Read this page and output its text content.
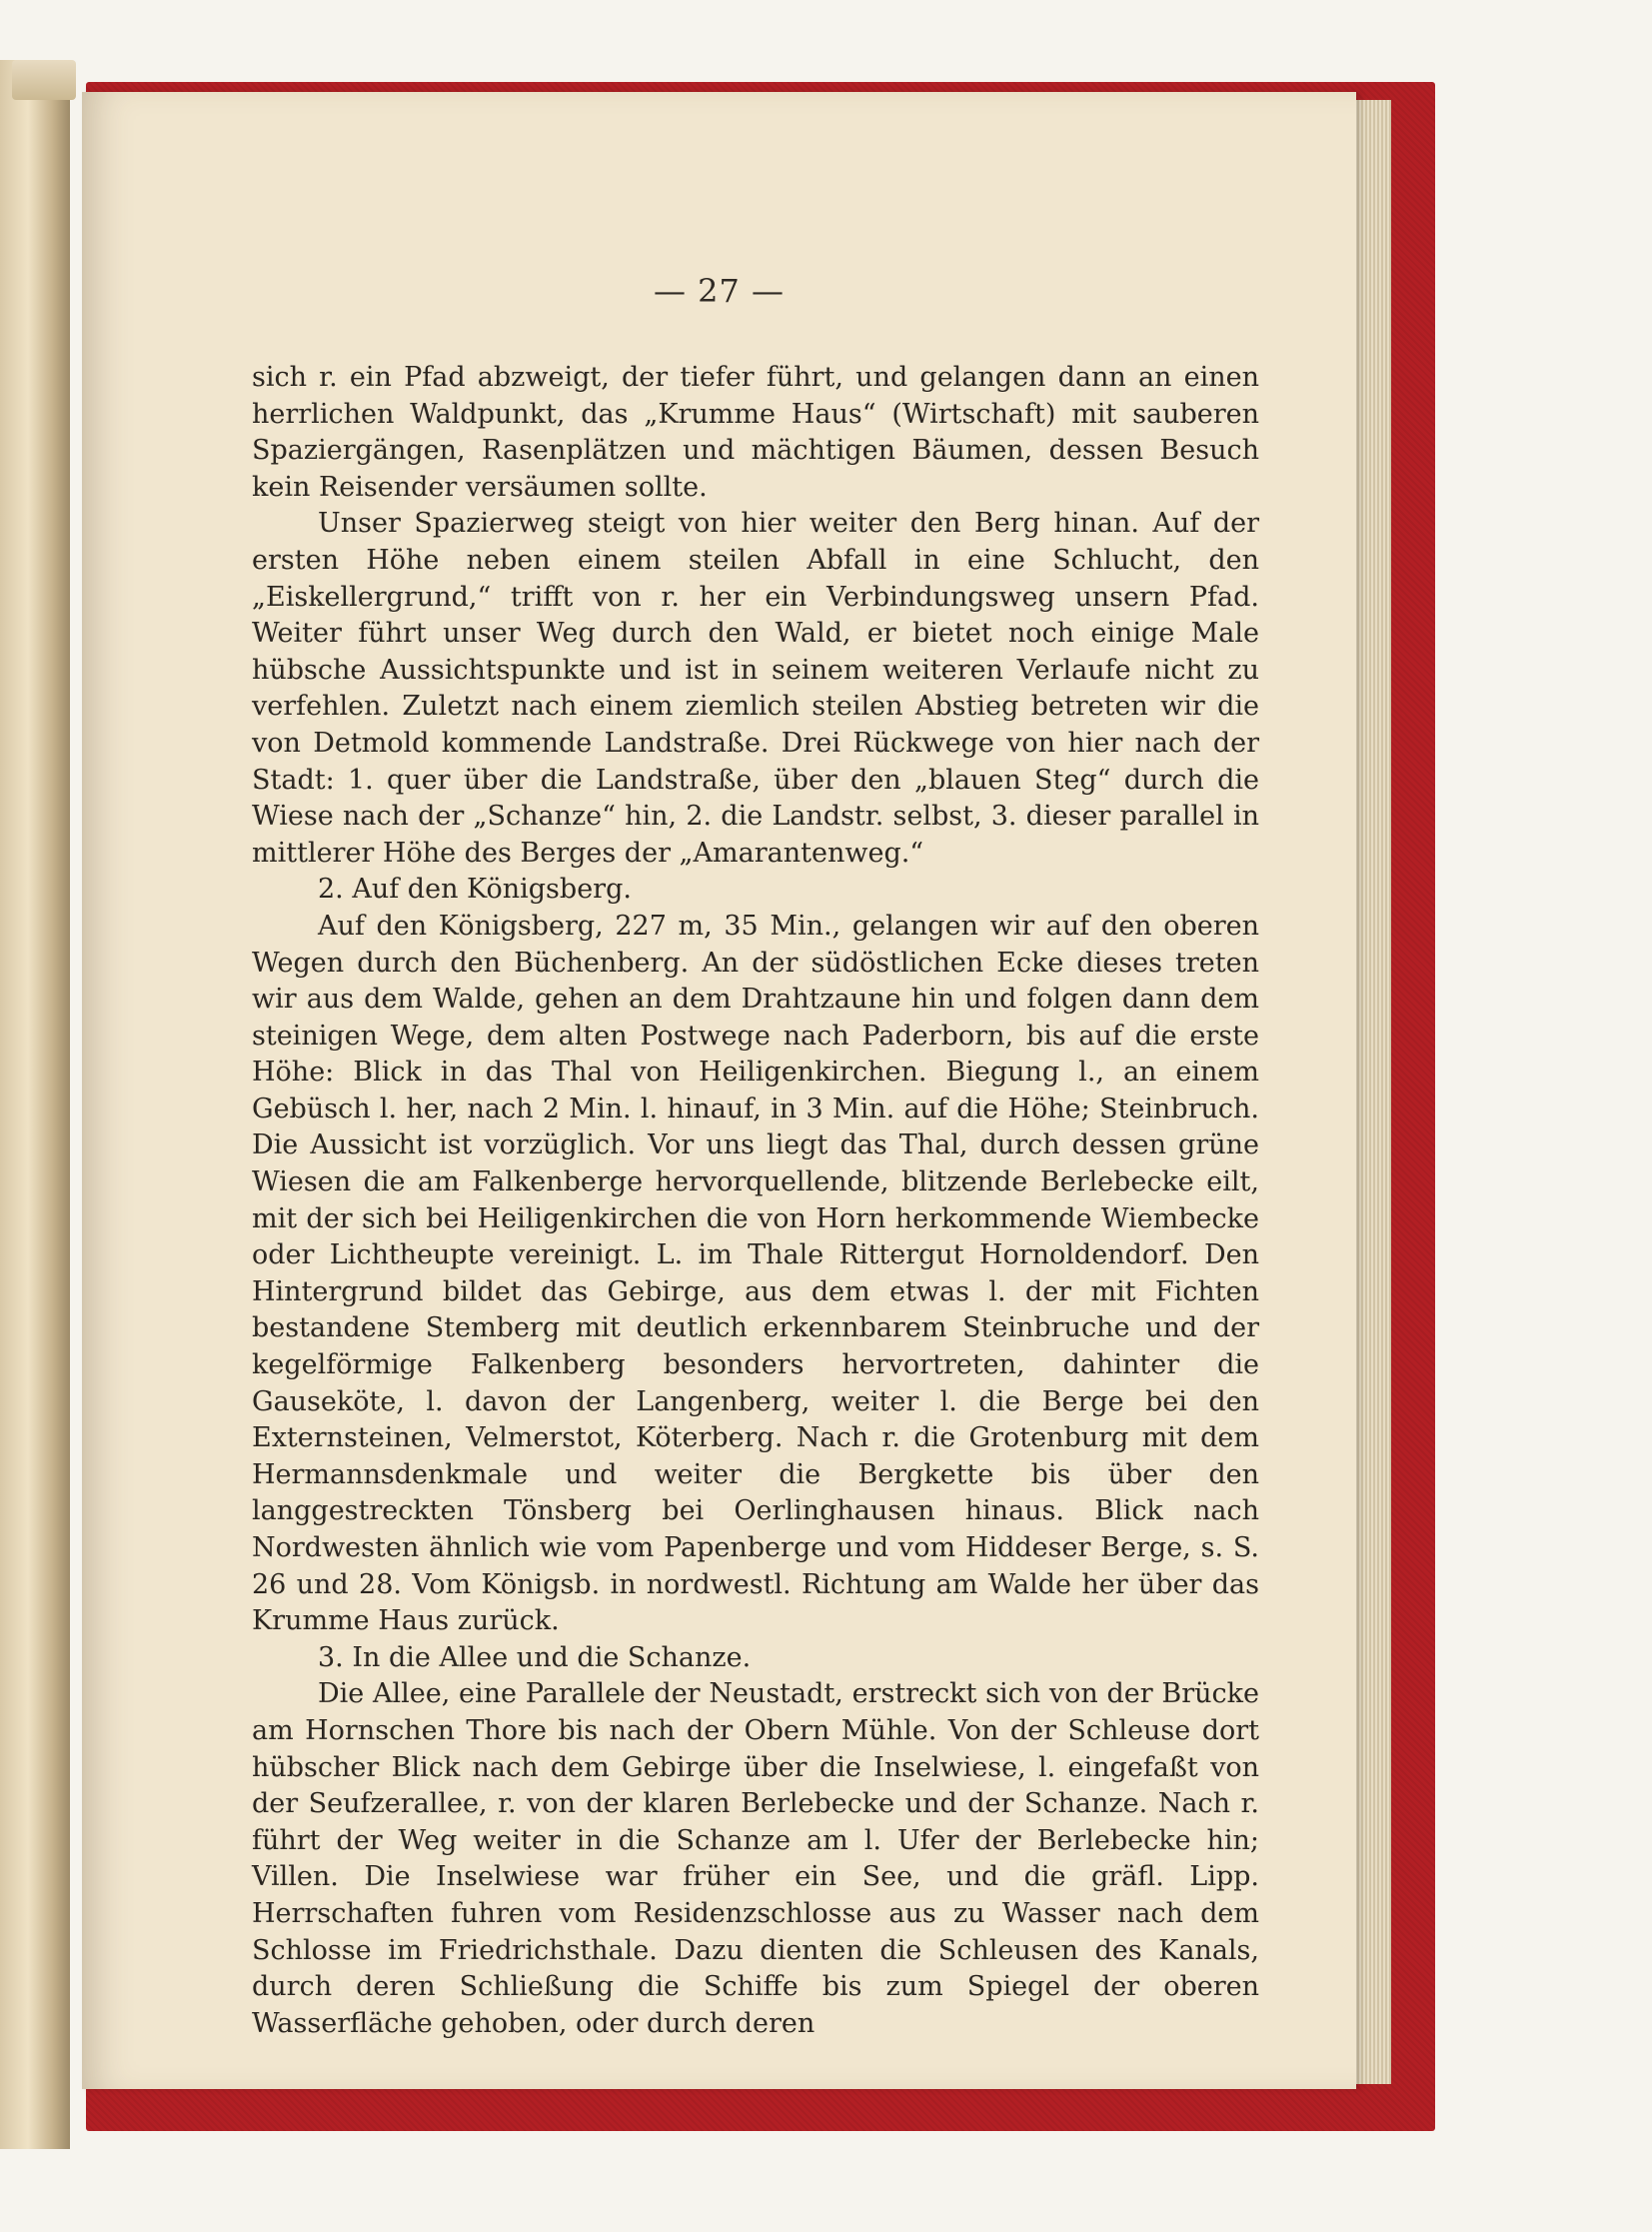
— 27 —

sich r. ein Pfad abzweigt, der tiefer führt, und gelangen dann an einen herrlichen Waldpunkt, das „Krumme Haus“ (Wirtschaft) mit sauberen Spaziergängen, Rasenplätzen und mächtigen Bäumen, dessen Besuch kein Reisender versäumen sollte.

Unser Spazierweg steigt von hier weiter den Berg hinan. Auf der ersten Höhe neben einem steilen Abfall in eine Schlucht, den „Eiskellergrund,“ trifft von r. her ein Verbindungsweg unsern Pfad. Weiter führt unser Weg durch den Wald, er bietet noch einige Male hübsche Aussichtspunkte und ist in seinem weiteren Verlaufe nicht zu verfehlen. Zuletzt nach einem ziemlich steilen Abstieg betreten wir die von Detmold kommende Landstraße. Drei Rückwege von hier nach der Stadt: 1. quer über die Landstraße, über den „blauen Steg“ durch die Wiese nach der „Schanze“ hin, 2. die Landstr. selbst, 3. dieser parallel in mittlerer Höhe des Berges der „Amarantenweg.“

2. Auf den Königsberg.

Auf den Königsberg, 227 m, 35 Min., gelangen wir auf den oberen Wegen durch den Büchenberg. An der südöstlichen Ecke dieses treten wir aus dem Walde, gehen an dem Drahtzaune hin und folgen dann dem steinigen Wege, dem alten Postwege nach Paderborn, bis auf die erste Höhe: Blick in das Thal von Heiligenkirchen. Biegung l., an einem Gebüsch l. her, nach 2 Min. l. hinauf, in 3 Min. auf die Höhe; Steinbruch. Die Aussicht ist vorzüglich. Vor uns liegt das Thal, durch dessen grüne Wiesen die am Falkenberge hervorquellende, blitzende Berlebecke eilt, mit der sich bei Heiligenkirchen die von Horn herkommende Wiembecke oder Lichtheupte vereinigt. L. im Thale Rittergut Hornoldendorf. Den Hintergrund bildet das Gebirge, aus dem etwas l. der mit Fichten bestandene Stemberg mit deutlich erkennbarem Steinbruche und der kegelförmige Falkenberg besonders hervortreten, dahinter die Gauseköte, l. davon der Langenberg, weiter l. die Berge bei den Externsteinen, Velmerstot, Köterberg. Nach r. die Grotenburg mit dem Hermannsdenkmale und weiter die Bergkette bis über den langgestreckten Tönsberg bei Oerlinghausen hinaus. Blick nach Nordwesten ähnlich wie vom Papenberge und vom Hiddeser Berge, s. S. 26 und 28. Vom Königsb. in nordwestl. Richtung am Walde her über das Krumme Haus zurück.

3. In die Allee und die Schanze.

Die Allee, eine Parallele der Neustadt, erstreckt sich von der Brücke am Hornschen Thore bis nach der Obern Mühle. Von der Schleuse dort hübscher Blick nach dem Gebirge über die Inselwiese, l. eingefaßt von der Seufzerallee, r. von der klaren Berlebecke und der Schanze. Nach r. führt der Weg weiter in die Schanze am l. Ufer der Berlebecke hin; Villen. Die Inselwiese war früher ein See, und die gräfl. Lipp. Herrschaften fuhren vom Residenzschlosse aus zu Wasser nach dem Schlosse im Friedrichsthale. Dazu dienten die Schleusen des Kanals, durch deren Schließung die Schiffe bis zum Spiegel der oberen Wasserfläche gehoben, oder durch deren
